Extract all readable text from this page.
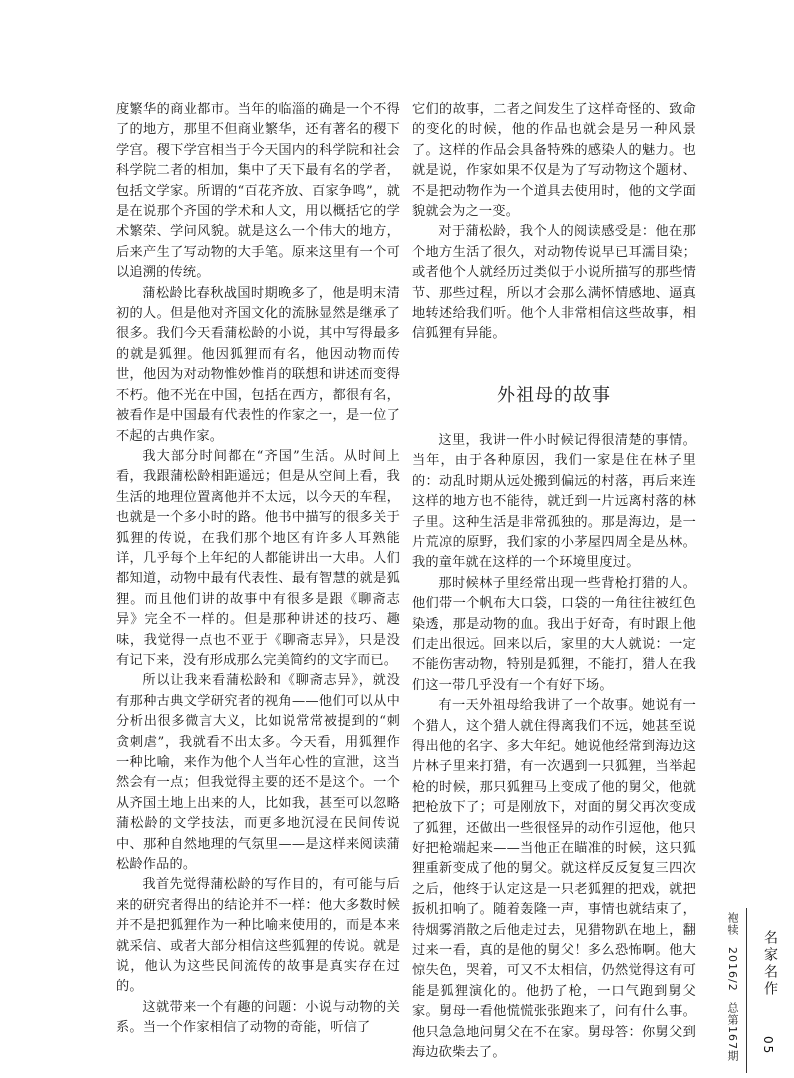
度繁华的商业都市。当年的临淄的确是一个不得了的地方，那里不但商业繁华，还有著名的稷下学宫。稷下学宫相当于今天国内的科学院和社会科学院二者的相加，集中了天下最有名的学者，包括文学家。所谓的“百花齐放、百家争鸣”，就是在说那个齐国的学术和人文，用以概括它的学术繁荣、学问风貌。就是这么一个伟大的地方，后来产生了写动物的大手笔。原来这里有一个可以追溯的传统。

蒲松龄比春秋战国时期晚多了，他是明末清初的人。但是他对齐国文化的流脉显然是继承了很多。我们今天看蒲松龄的小说，其中写得最多的就是狐狸。他因狐狸而有名，他因动物而传世，他因为对动物惟妙惟肖的联想和讲述而变得不朽。他不光在中国，包括在西方，都很有名，被看作是中国最有代表性的作家之一，是一位了不起的古典作家。

我大部分时间都在“齐国”生活。从时间上看，我跟蒲松龄相距遥远；但是从空间上看，我生活的地理位置离他并不太远，以今天的车程，也就是一个多小时的路。他书中描写的很多关于狐狸的传说，在我们那个地区有许多人耳熟能详，几乎每个上年纪的人都能讲出一大串。人们都知道，动物中最有代表性、最有智慧的就是狐狸。而且他们讲的故事中有很多是跟《聊斋志异》完全不一样的。但是那种讲述的技巧、趣味，我觉得一点也不亚于《聊斋志异》，只是没有记下来，没有形成那么完美简约的文字而已。

所以让我来看蒲松龄和《聊斋志异》，就没有那种古典文学研究者的视角——他们可以从中分析出很多微言大义，比如说常常被提到的“刺贪刺虐”，我就看不出太多。今天看，用狐狸作一种比喻，来作为他个人当年心性的宣泄，这当然会有一点；但我觉得主要的还不是这个。一个从齐国土地上出来的人，比如我，甚至可以忽略蒲松龄的文学技法，而更多地沉浸在民间传说中、那种自然地理的气氛里——是这样来阅读蒲松龄作品的。

我首先觉得蒲松龄的写作目的，有可能与后来的研究者得出的结论并不一样：他大多数时候并不是把狐狸作为一种比喻来使用的，而是本来就采信、或者大部分相信这些狐狸的传说。就是说，他认为这些民间流传的故事是真实存在过的。

这就带来一个有趣的问题：小说与动物的关系。当一个作家相信了动物的奇能，听信了

它们的故事，二者之间发生了这样奇怪的、致命的变化的时候，他的作品也就会是另一种风景了。这样的作品会具备特殊的感染人的魅力。也就是说，作家如果不仅是为了写动物这个题材、不是把动物作为一个道具去使用时，他的文学面貌就会为之一变。

对于蒲松龄，我个人的阅读感受是：他在那个地方生活了很久，对动物传说早已耳濡目染；或者他个人就经历过类似于小说所描写的那些情节、那些过程，所以才会那么满怀情感地、逼真地转述给我们听。他个人非常相信这些故事，相信狐狸有异能。

外祖母的故事

这里，我讲一件小时候记得很清楚的事情。当年，由于各种原因，我们一家是住在林子里的：动乱时期从远处搬到偏远的村落，再后来连这样的地方也不能待，就迁到一片远离村落的林子里。这种生活是非常孤独的。那是海边，是一片荒凉的原野，我们家的小茅屋四周全是丛林。我的童年就在这样的一个环境里度过。

那时候林子里经常出现一些背枪打猎的人。他们带一个帆布大口袋，口袋的一角往往被红色染透，那是动物的血。我出于好奇，有时跟上他们走出很远。回来以后，家里的大人就说：一定不能伤害动物，特别是狐狸，不能打，猎人在我们这一带几乎没有一个有好下场。

有一天外祖母给我讲了一个故事。她说有一个猎人，这个猎人就住得离我们不远，她甚至说得出他的名字、多大年纪。她说他经常到海边这片林子里来打猎，有一次遇到一只狐狸，当举起枪的时候，那只狐狸马上变成了他的舅父，他就把枪放下了；可是刚放下，对面的舅父再次变成了狐狸，还做出一些很怪异的动作引逗他，他只好把枪端起来——当他正在瞄准的时候，这只狐狸重新变成了他的舅父。就这样反反复复三四次之后，他终于认定这是一只老狐狸的把戏，就把扳机扣响了。随着轰隆一声，事情也就结束了，待烟雾消散之后他走过去，见猎物趴在地上，翻过来一看，真的是他的舅父！多么恐怖啊。他大惊失色，哭着，可又不太相信，仍然觉得这有可能是狐狸演化的。他扔了枪，一口气跑到舅父家。舅母一看他慌慌张张跑来了，问有什么事。他只急急地问舅父在不在家。舅母答：你舅父到海边砍柴去了。

袍犊 2016/2 总第167期
名家名作
05
